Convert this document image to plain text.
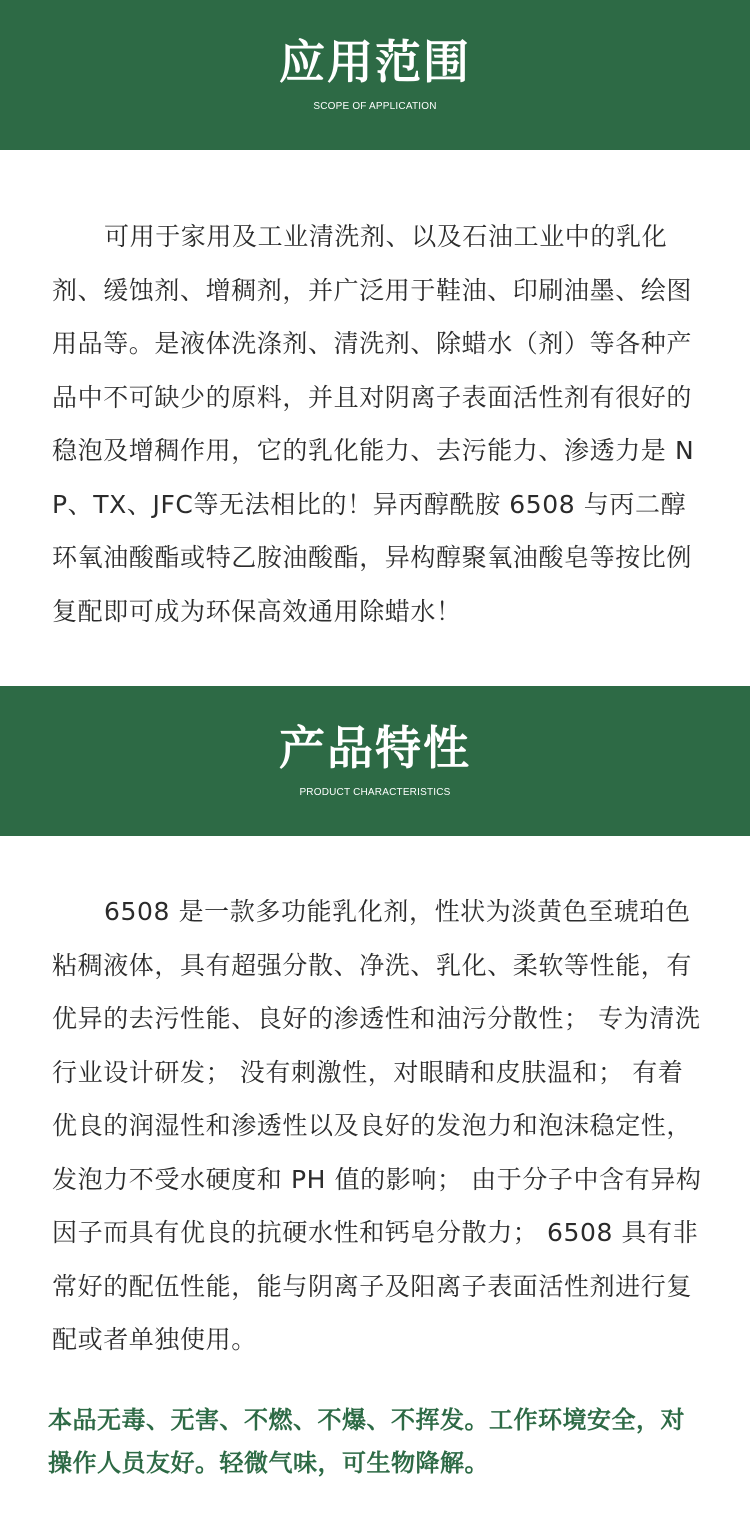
应用范围
SCOPE OF APPLICATION

可用于家用及工业清洗剂、以及石油工业中的乳化剂、缓蚀剂、增稠剂，并广泛用于鞋油、印刷油墨、绘图用品等。是液体洗涤剂、清洗剂、除蜡水（剂）等各种产品中不可缺少的原料，并且对阴离子表面活性剂有很好的稳泡及增稠作用，它的乳化能力、去污能力、渗透力是 NP、TX、JFC等无法相比的！异丙醇酰胺 6508 与丙二醇环氧油酸酯或特乙胺油酸酯，异构醇聚氧油酸皂等按比例复配即可成为环保高效通用除蜡水！

产品特性
PRODUCT CHARACTERISTICS

6508 是一款多功能乳化剂，性状为淡黄色至琥珀色粘稠液体，具有超强分散、净洗、乳化、柔软等性能，有优异的去污性能、良好的渗透性和油污分散性； 专为清洗行业设计研发； 没有刺激性，对眼睛和皮肤温和； 有着优良的润湿性和渗透性以及良好的发泡力和泡沫稳定性，发泡力不受水硬度和 PH 值的影响； 由于分子中含有异构因子而具有优良的抗硬水性和钙皂分散力； 6508 具有非常好的配伍性能，能与阴离子及阳离子表面活性剂进行复配或者单独使用。

本品无毒、无害、不燃、不爆、不挥发。工作环境安全，对操作人员友好。轻微气味，可生物降解。
